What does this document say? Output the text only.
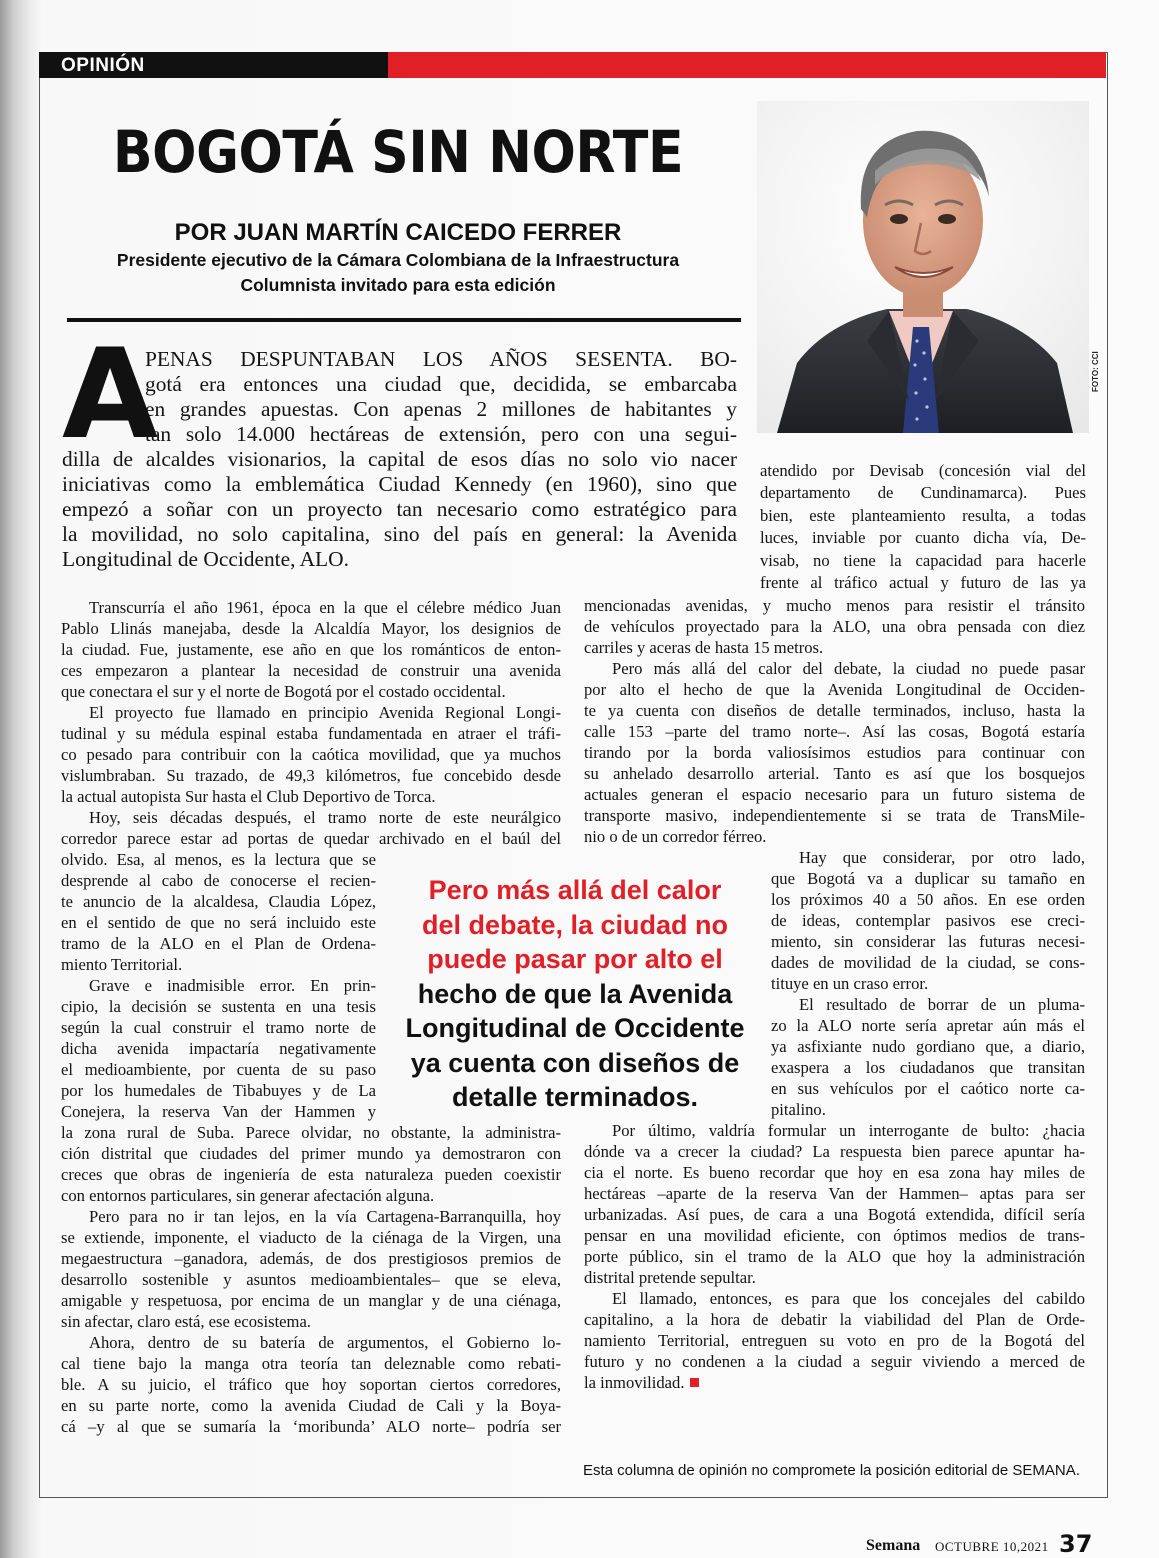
OPINIÓN
BOGOTÁ SIN NORTE
POR JUAN MARTÍN CAICEDO FERRER
Presidente ejecutivo de la Cámara Colombiana de la Infraestructura
Columnista invitado para esta edición
FOTO: CCI
A
PENAS DESPUNTABAN LOS AÑOS SESENTA. BO-
gotá era entonces una ciudad que, decidida, se embarcaba
en grandes apuestas. Con apenas 2 millones de habitantes y
tan solo 14.000 hectáreas de extensión, pero con una segui-
dilla de alcaldes visionarios, la capital de esos días no solo vio nacer
iniciativas como la emblemática Ciudad Kennedy (en 1960), sino que
empezó a soñar con un proyecto tan necesario como estratégico para
la movilidad, no solo capitalina, sino del país en general: la Avenida
Longitudinal de Occidente, ALO.
Transcurría el año 1961, época en la que el célebre médico Juan
Pablo Llinás manejaba, desde la Alcaldía Mayor, los designios de
la ciudad. Fue, justamente, ese año en que los románticos de enton-
ces empezaron a plantear la necesidad de construir una avenida
que conectara el sur y el norte de Bogotá por el costado occidental.
El proyecto fue llamado en principio Avenida Regional Longi-
tudinal y su médula espinal estaba fundamentada en atraer el tráfi-
co pesado para contribuir con la caótica movilidad, que ya muchos
vislumbraban. Su trazado, de 49,3 kilómetros, fue concebido desde
la actual autopista Sur hasta el Club Deportivo de Torca.
Hoy, seis décadas después, el tramo norte de este neurálgico
corredor parece estar ad portas de quedar archivado en el baúl del
olvido. Esa, al menos, es la lectura que se
desprende al cabo de conocerse el recien-
te anuncio de la alcaldesa, Claudia López,
en el sentido de que no será incluido este
tramo de la ALO en el Plan de Ordena-
miento Territorial.
Grave e inadmisible error. En prin-
cipio, la decisión se sustenta en una tesis
según la cual construir el tramo norte de
dicha avenida impactaría negativamente
el medioambiente, por cuenta de su paso
por los humedales de Tibabuyes y de La
Conejera, la reserva Van der Hammen y
la zona rural de Suba. Parece olvidar, no obstante, la administra-
ción distrital que ciudades del primer mundo ya demostraron con
creces que obras de ingeniería de esta naturaleza pueden coexistir
con entornos particulares, sin generar afectación alguna.
Pero para no ir tan lejos, en la vía Cartagena-Barranquilla, hoy
se extiende, imponente, el viaducto de la ciénaga de la Virgen, una
megaestructura –ganadora, además, de dos prestigiosos premios de
desarrollo sostenible y asuntos medioambientales– que se eleva,
amigable y respetuosa, por encima de un manglar y de una ciénaga,
sin afectar, claro está, ese ecosistema.
Ahora, dentro de su batería de argumentos, el Gobierno lo-
cal tiene bajo la manga otra teoría tan deleznable como rebati-
ble. A su juicio, el tráfico que hoy soportan ciertos corredores,
en su parte norte, como la avenida Ciudad de Cali y la Boya-
cá –y al que se sumaría la ‘moribunda’ ALO norte– podría ser
atendido por Devisab (concesión vial del
departamento de Cundinamarca). Pues
bien, este planteamiento resulta, a todas
luces, inviable por cuanto dicha vía, De-
visab, no tiene la capacidad para hacerle
frente al tráfico actual y futuro de las ya
mencionadas avenidas, y mucho menos para resistir el tránsito
de vehículos proyectado para la ALO, una obra pensada con diez
carriles y aceras de hasta 15 metros.
Pero más allá del calor del debate, la ciudad no puede pasar
por alto el hecho de que la Avenida Longitudinal de Occiden-
te ya cuenta con diseños de detalle terminados, incluso, hasta la
calle 153 –parte del tramo norte–. Así las cosas, Bogotá estaría
tirando por la borda valiosísimos estudios para continuar con
su anhelado desarrollo arterial. Tanto es así que los bosquejos
actuales generan el espacio necesario para un futuro sistema de
transporte masivo, independientemente si se trata de TransMile-
nio o de un corredor férreo.
Hay que considerar, por otro lado,
que Bogotá va a duplicar su tamaño en
los próximos 40 a 50 años. En ese orden
de ideas, contemplar pasivos ese creci-
miento, sin considerar las futuras necesi-
dades de movilidad de la ciudad, se cons-
tituye en un craso error.
El resultado de borrar de un pluma-
zo la ALO norte sería apretar aún más el
ya asfixiante nudo gordiano que, a diario,
exaspera a los ciudadanos que transitan
en sus vehículos por el caótico norte ca-
pitalino.
Por último, valdría formular un interrogante de bulto: ¿hacia
dónde va a crecer la ciudad? La respuesta bien parece apuntar ha-
cia el norte. Es bueno recordar que hoy en esa zona hay miles de
hectáreas –aparte de la reserva Van der Hammen– aptas para ser
urbanizadas. Así pues, de cara a una Bogotá extendida, difícil sería
pensar en una movilidad eficiente, con óptimos medios de trans-
porte público, sin el tramo de la ALO que hoy la administración
distrital pretende sepultar.
El llamado, entonces, es para que los concejales del cabildo
capitalino, a la hora de debatir la viabilidad del Plan de Orde-
namiento Territorial, entreguen su voto en pro de la Bogotá del
futuro y no condenen a la ciudad a seguir viviendo a merced de
la inmovilidad.
Pero más allá del calor
del debate, la ciudad no
puede pasar por alto el
hecho de que la Avenida
Longitudinal de Occidente
ya cuenta con diseños de
detalle terminados.
Esta columna de opinión no compromete la posición editorial de SEMANA.
Semana OCTUBRE 10,2021 37
